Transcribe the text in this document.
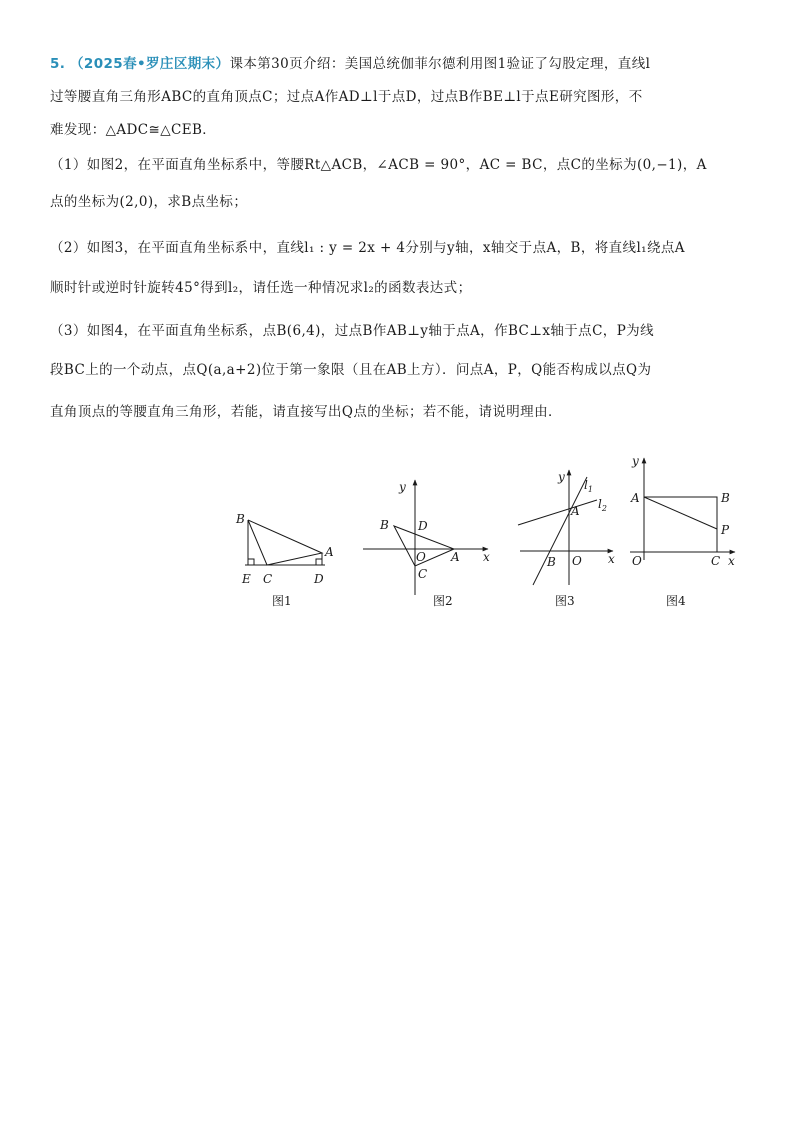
5. （2025春•罗庄区期末）课本第30页介绍：美国总统伽菲尔德利用图1验证了勾股定理，直线l
过等腰直角三角形ABC的直角顶点C；过点A作AD⊥l于点D，过点B作BE⊥l于点E研究图形，不
难发现：△ADC≅△CEB．
（1）如图2，在平面直角坐标系中，等腰Rt△ACB，∠ACB = 90°，AC = BC，点C的坐标为(0,−1)，A
点的坐标为(2,0)，求B点坐标；
（2）如图3，在平面直角坐标系中，直线l₁ : y = 2x + 4分别与y轴，x轴交于点A，B，将直线l₁绕点A
顺时针或逆时针旋转45°得到l₂，请任选一种情况求l₂的函数表达式；
（3）如图4，在平面直角坐标系，点B(6,4)，过点B作AB⊥y轴于点A，作BC⊥x轴于点C，P为线
段BC上的一个动点，点Q(a,a+2)位于第一象限（且在AB上方）．问点A，P，Q能否构成以点Q为
直角顶点的等腰直角三角形，若能，请直接写出Q点的坐标；若不能，请说明理由．
B
A
E C	D
图1
y
x
B D
O A
C
图2
y
x
$l_1$
$l_2$
A
B O
图3
y
x
A	B
P
O	C
图4
